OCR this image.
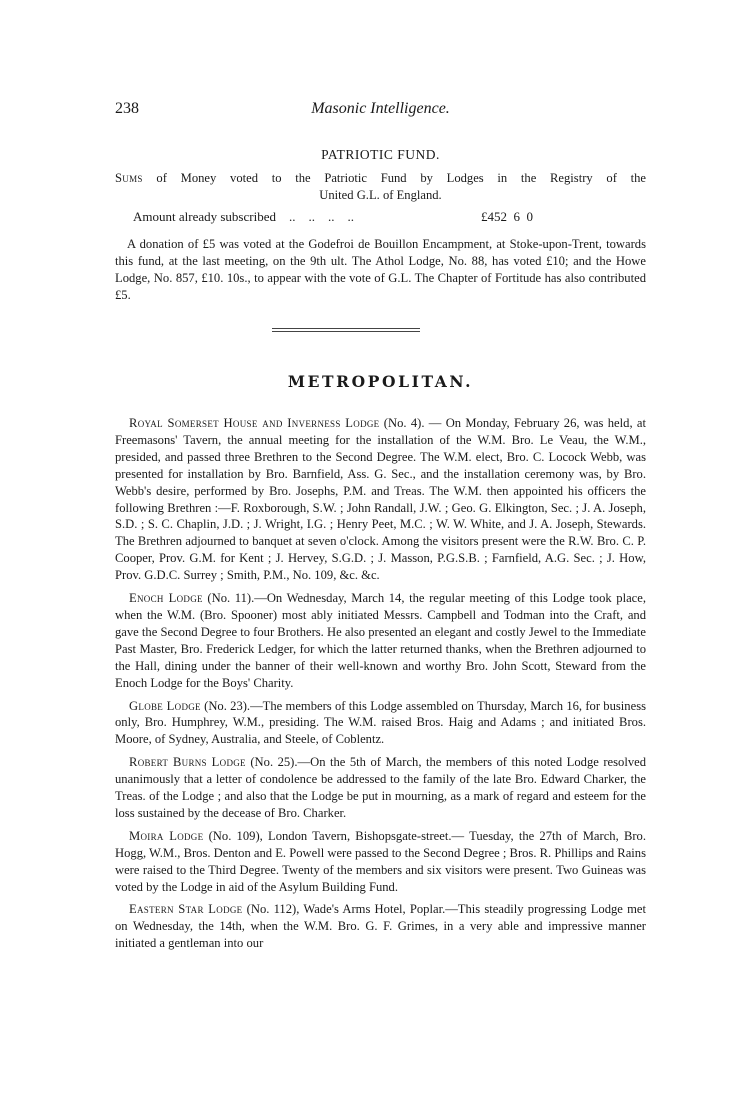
238	Masonic Intelligence.
PATRIOTIC FUND.
Sums of Money voted to the Patriotic Fund by Lodges in the Registry of the
United G.L. of England.
Amount already subscribed    ..    ..    ..    ..	£452  6  0
A donation of £5 was voted at the Godefroi de Bouillon Encampment, at Stoke-upon-Trent, towards this fund, at the last meeting, on the 9th ult. The Athol Lodge, No. 88, has voted £10; and the Howe Lodge, No. 857, £10. 10s., to appear with the vote of G.L. The Chapter of Fortitude has also contributed £5.
METROPOLITAN.

Royal Somerset House and Inverness Lodge (No. 4). — On Monday, February 26, was held, at Freemasons' Tavern, the annual meeting for the installation of the W.M. Bro. Le Veau, the W.M., presided, and passed three Brethren to the Second Degree. The W.M. elect, Bro. C. Locock Webb, was presented for installation by Bro. Barnfield, Ass. G. Sec., and the installation ceremony was, by Bro. Webb's desire, performed by Bro. Josephs, P.M. and Treas. The W.M. then appointed his officers the following Brethren :—F. Roxborough, S.W. ; John Randall, J.W. ; Geo. G. Elkington, Sec. ; J. A. Joseph, S.D. ; S. C. Chaplin, J.D. ; J. Wright, I.G. ; Henry Peet, M.C. ; W. W. White, and J. A. Joseph, Stewards. The Brethren adjourned to banquet at seven o'clock. Among the visitors present were the R.W. Bro. C. P. Cooper, Prov. G.M. for Kent ; J. Hervey, S.G.D. ; J. Masson, P.G.S.B. ; Farnfield, A.G. Sec. ; J. How, Prov. G.D.C. Surrey ; Smith, P.M., No. 109, &c. &c.

Enoch Lodge (No. 11).—On Wednesday, March 14, the regular meeting of this Lodge took place, when the W.M. (Bro. Spooner) most ably initiated Messrs. Campbell and Todman into the Craft, and gave the Second Degree to four Brothers. He also presented an elegant and costly Jewel to the Immediate Past Master, Bro. Frederick Ledger, for which the latter returned thanks, when the Brethren adjourned to the Hall, dining under the banner of their well-known and worthy Bro. John Scott, Steward from the Enoch Lodge for the Boys' Charity.

Globe Lodge (No. 23).—The members of this Lodge assembled on Thursday, March 16, for business only, Bro. Humphrey, W.M., presiding. The W.M. raised Bros. Haig and Adams ; and initiated Bros. Moore, of Sydney, Australia, and Steele, of Coblentz.

Robert Burns Lodge (No. 25).—On the 5th of March, the members of this noted Lodge resolved unanimously that a letter of condolence be addressed to the family of the late Bro. Edward Charker, the Treas. of the Lodge ; and also that the Lodge be put in mourning, as a mark of regard and esteem for the loss sustained by the decease of Bro. Charker.

Moira Lodge (No. 109), London Tavern, Bishopsgate-street.— Tuesday, the 27th of March, Bro. Hogg, W.M., Bros. Denton and E. Powell were passed to the Second Degree ; Bros. R. Phillips and Rains were raised to the Third Degree. Twenty of the members and six visitors were present. Two Guineas was voted by the Lodge in aid of the Asylum Building Fund.

Eastern Star Lodge (No. 112), Wade's Arms Hotel, Poplar.—This steadily progressing Lodge met on Wednesday, the 14th, when the W.M. Bro. G. F. Grimes, in a very able and impressive manner initiated a gentleman into our
